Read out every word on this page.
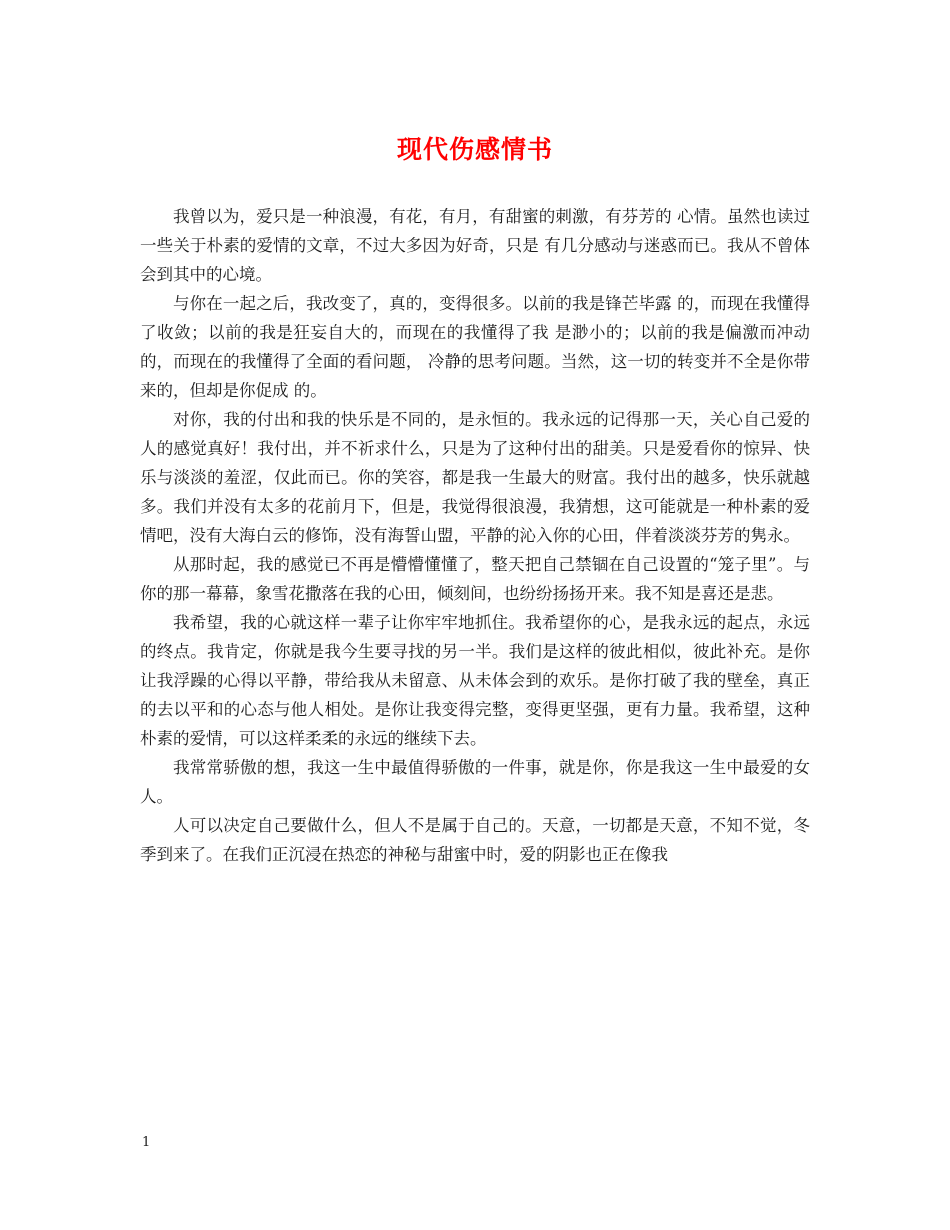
现代伤感情书

我曾以为，爱只是一种浪漫，有花，有月，有甜蜜的刺激，有芬芳的 心情。虽然也读过一些关于朴素的爱情的文章，不过大多因为好奇，只是 有几分感动与迷惑而已。我从不曾体会到其中的心境。

与你在一起之后，我改变了，真的，变得很多。以前的我是锋芒毕露 的，而现在我懂得了收敛；以前的我是狂妄自大的，而现在的我懂得了我 是渺小的；以前的我是偏激而冲动的，而现在的我懂得了全面的看问题， 冷静的思考问题。当然，这一切的转变并不全是你带来的，但却是你促成 的。

对你，我的付出和我的快乐是不同的，是永恒的。我永远的记得那一天，关心自己爱的人的感觉真好！我付出，并不祈求什么，只是为了这种付出的甜美。只是爱看你的惊异、快乐与淡淡的羞涩，仅此而已。你的笑容，都是我一生最大的财富。我付出的越多，快乐就越多。我们并没有太多的花前月下，但是，我觉得很浪漫，我猜想，这可能就是一种朴素的爱情吧，没有大海白云的修饰，没有海誓山盟，平静的沁入你的心田，伴着淡淡芬芳的隽永。

从那时起，我的感觉已不再是懵懵懂懂了，整天把自己禁锢在自己设置的“笼子里”。与你的那一幕幕，象雪花撒落在我的心田，倾刻间，也纷纷扬扬开来。我不知是喜还是悲。

我希望，我的心就这样一辈子让你牢牢地抓住。我希望你的心，是我永远的起点，永远的终点。我肯定，你就是我今生要寻找的另一半。我们是这样的彼此相似，彼此补充。是你让我浮躁的心得以平静，带给我从未留意、从未体会到的欢乐。是你打破了我的壁垒，真正的去以平和的心态与他人相处。是你让我变得完整，变得更坚强，更有力量。我希望，这种朴素的爱情，可以这样柔柔的永远的继续下去。

我常常骄傲的想，我这一生中最值得骄傲的一件事，就是你，你是我这一生中最爱的女人。

人可以决定自己要做什么，但人不是属于自己的。天意，一切都是天意，不知不觉，冬季到来了。在我们正沉浸在热恋的神秘与甜蜜中时，爱的阴影也正在像我

1
